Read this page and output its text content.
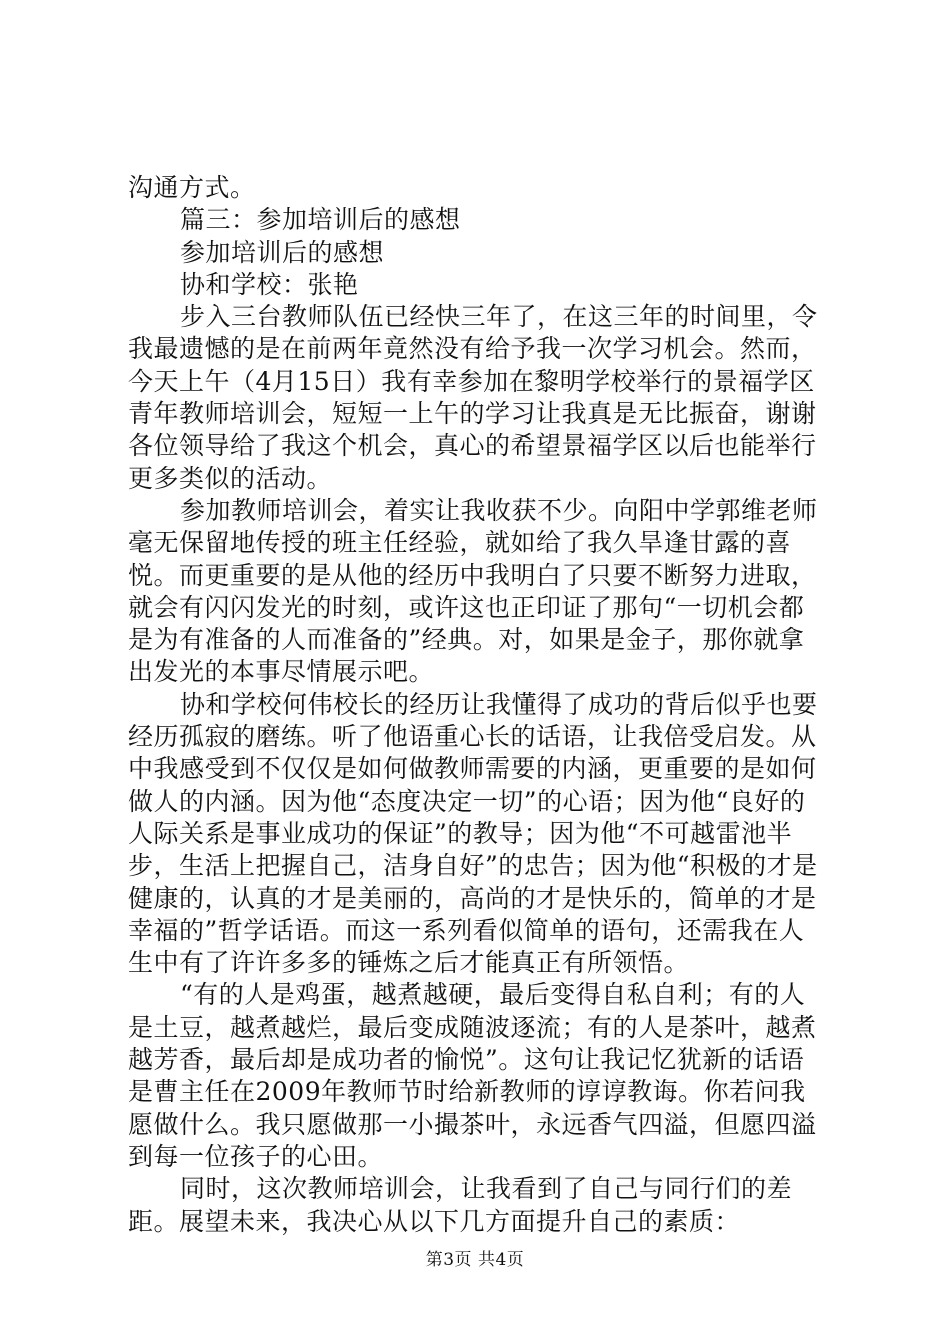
沟通方式。

篇三：参加培训后的感想

参加培训后的感想

协和学校：张艳

步入三台教师队伍已经快三年了，在这三年的时间里，令我最遗憾的是在前两年竟然没有给予我一次学习机会。然而，今天上午（4月15日）我有幸参加在黎明学校举行的景福学区青年教师培训会，短短一上午的学习让我真是无比振奋，谢谢各位领导给了我这个机会，真心的希望景福学区以后也能举行更多类似的活动。

参加教师培训会，着实让我收获不少。向阳中学郭维老师毫无保留地传授的班主任经验，就如给了我久旱逢甘露的喜悦。而更重要的是从他的经历中我明白了只要不断努力进取，就会有闪闪发光的时刻，或许这也正印证了那句“一切机会都是为有准备的人而准备的”经典。对，如果是金子，那你就拿出发光的本事尽情展示吧。

协和学校何伟校长的经历让我懂得了成功的背后似乎也要经历孤寂的磨练。听了他语重心长的话语，让我倍受启发。从中我感受到不仅仅是如何做教师需要的内涵，更重要的是如何做人的内涵。因为他“态度决定一切”的心语；因为他“良好的人际关系是事业成功的保证”的教导；因为他“不可越雷池半步，生活上把握自己，洁身自好”的忠告；因为他“积极的才是健康的，认真的才是美丽的，高尚的才是快乐的，简单的才是幸福的”哲学话语。而这一系列看似简单的语句，还需我在人生中有了许许多多的锤炼之后才能真正有所领悟。

“有的人是鸡蛋，越煮越硬，最后变得自私自利；有的人是土豆，越煮越烂，最后变成随波逐流；有的人是茶叶，越煮越芳香，最后却是成功者的愉悦”。这句让我记忆犹新的话语是曹主任在2009年教师节时给新教师的谆谆教诲。你若问我愿做什么。我只愿做那一小撮茶叶，永远香气四溢，但愿四溢到每一位孩子的心田。

同时，这次教师培训会，让我看到了自己与同行们的差距。展望未来，我决心从以下几方面提升自己的素质：

第3页 共4页
